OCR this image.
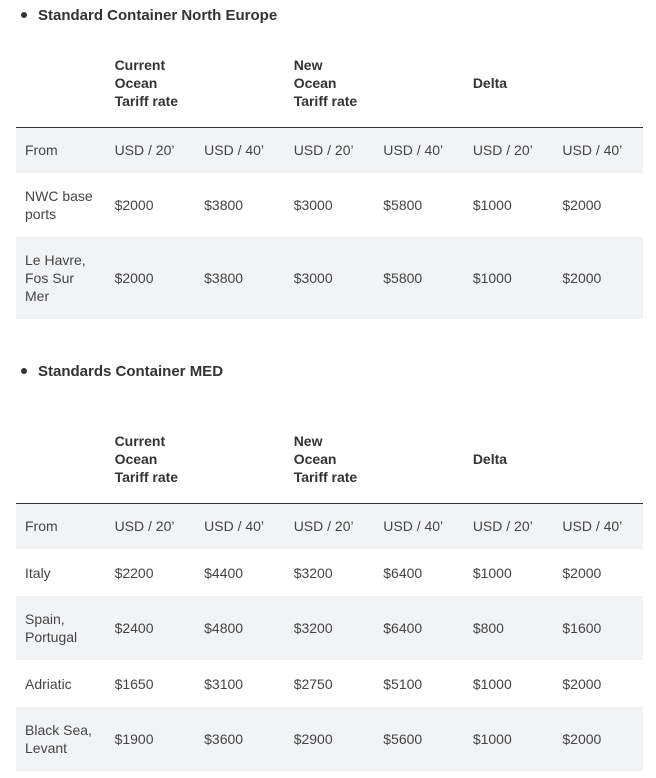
Standard Container North Europe

	Current Ocean Tariff rate		New Ocean Tariff rate		Delta	
From	USD / 20’	USD / 40’	USD / 20’	USD / 40’	USD / 20’	USD / 40’
NWC base ports	$2000	$3800	$3000	$5800	$1000	$2000

Le Havre, Fos Sur Mer	$2000	$3800	$3000	$5800	$1000	$2000
Standards Container MED

	Current Ocean Tariff rate		New Ocean Tariff rate		Delta	
From	USD / 20’	USD / 40’	USD / 20’	USD / 40’	USD / 20’	USD / 40’
Italy	$2200	$4400	$3200	$6400	$1000	$2000

Spain, Portugal	$2400	$4800	$3200	$6400	$800	$1600
Adriatic	$1650	$3100	$2750	$5100	$1000	$2000

Black Sea, Levant	$1900	$3600	$2900	$5600	$1000	$2000
